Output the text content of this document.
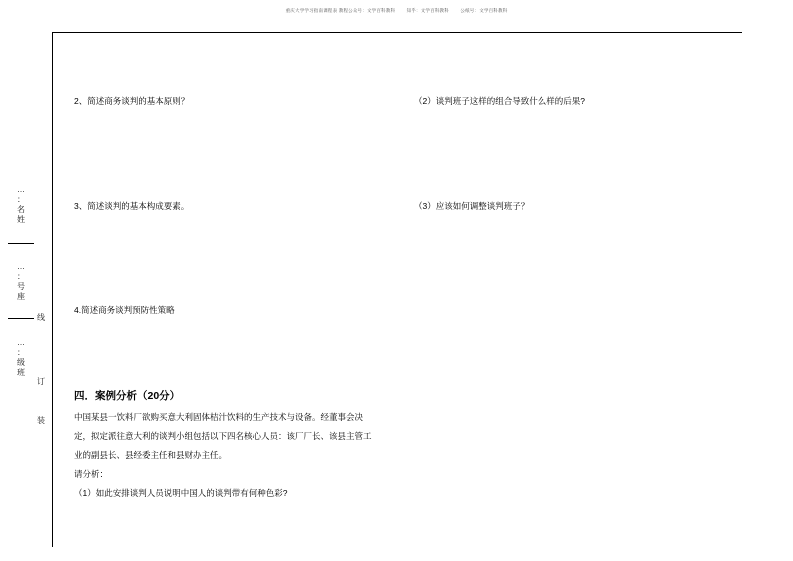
重庆大学学习指南课程表 教程公众号：文学百科教科	知乎：文学百科教科	公纸号：文学百科教科
…
：
名
姓
…
：
号
座
…
：
级
班
线
订
装
2、简述商务谈判的基本原则？
3、简述谈判的基本构成要素。
4.简述商务谈判预防性策略
（2）谈判班子这样的组合导致什么样的后果?
（3）应该如何调整谈判班子？
四．案例分析（20分）
中国某县一饮料厂欲购买意大利固体桔汁饮料的生产技术与设备。经董事会决
定，拟定派往意大利的谈判小组包括以下四名核心人员：该厂厂长、该县主管工
业的副县长、县经委主任和县财办主任。
请分析：
（1）如此安排谈判人员说明中国人的谈判带有何种色彩?
